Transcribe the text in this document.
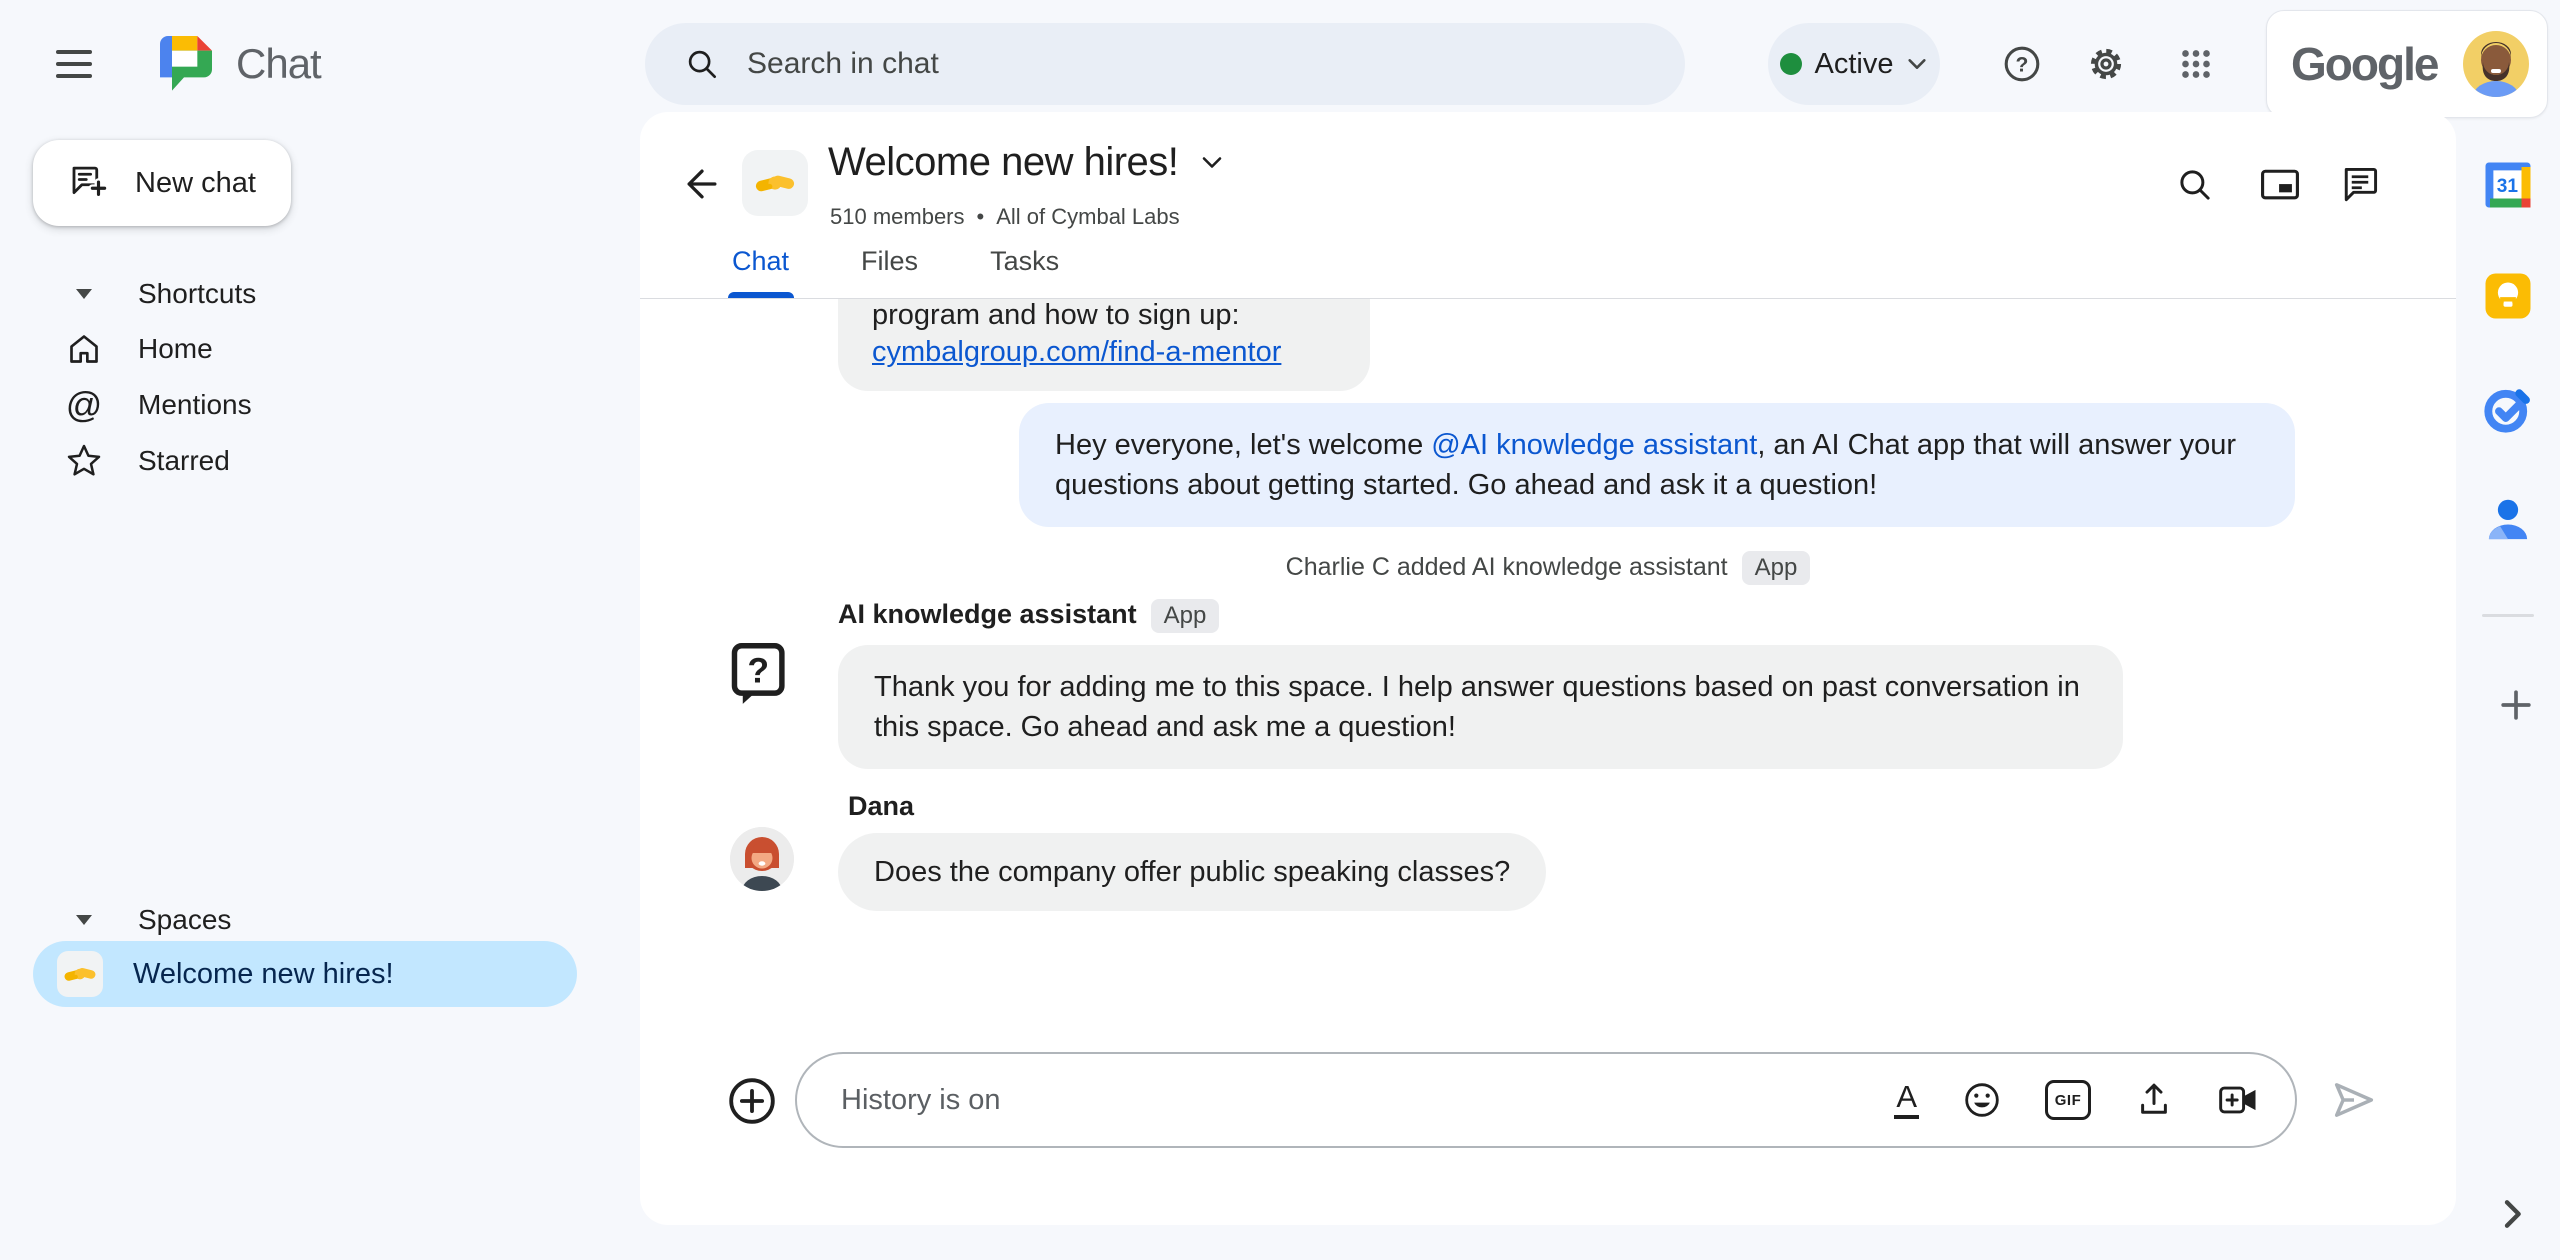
Chat
Search in chat	Active	?	Google
New chat
Shortcuts
Home
@ Mentions
Starred
Spaces
Welcome new hires!
Welcome new hires!
510 members • All of Cymbal Labs
Chat	Files	Tasks
program and how to sign up:
cymbalgroup.com/find-a-mentor
Hey everyone, let's welcome @AI knowledge assistant, an AI Chat app that will answer your questions about getting started. Go ahead and ask it a question!
Charlie C added AI knowledge assistant App
AI knowledge assistant App
?	Thank you for adding me to this space. I help answer questions based on past conversation in this space. Go ahead and ask me a question!
Dana
Does the company offer public speaking classes?
History is on
A	GIF
31
